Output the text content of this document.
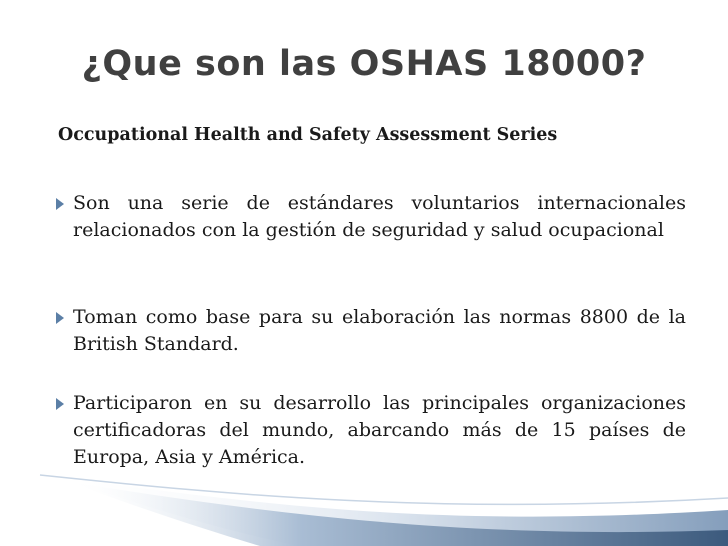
¿Que son las OSHAS 18000?
Occupational Health and Safety Assessment Series
Son una serie de estándares voluntarios internacionales relacionados con la gestión de seguridad y salud ocupacional
Toman como base para su elaboración las normas 8800 de la British Standard.
Participaron en su desarrollo las principales organizaciones certificadoras del mundo, abarcando más de 15 países de Europa, Asia y América.
